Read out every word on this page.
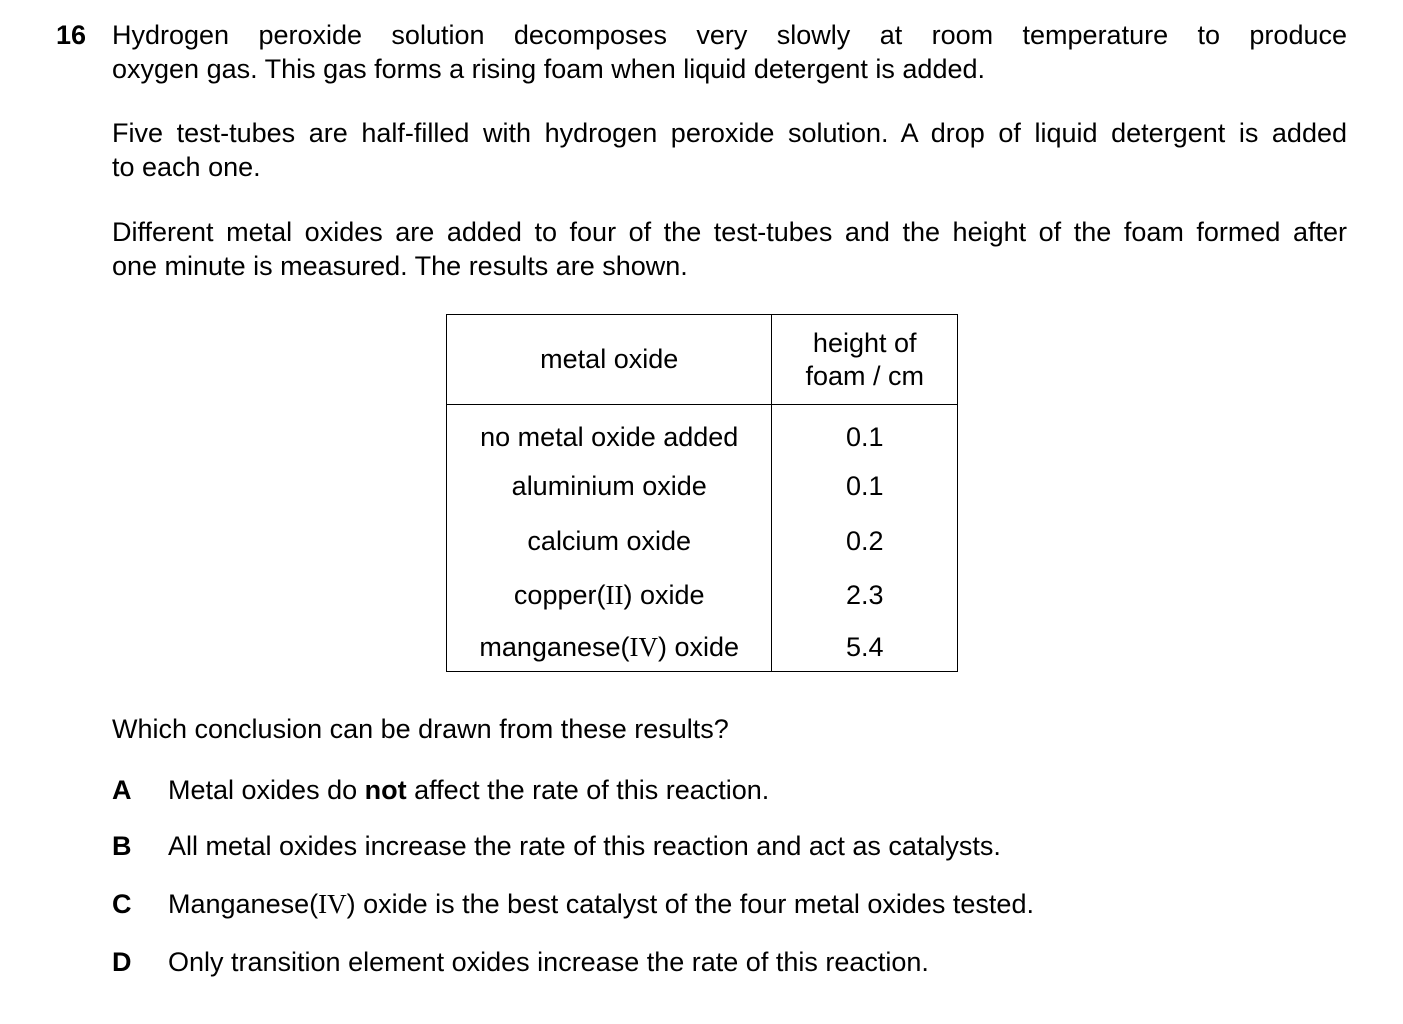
16 Hydrogen peroxide solution decomposes very slowly at room temperature to produce
oxygen gas. This gas forms a rising foam when liquid detergent is added.

Five test-tubes are half-filled with hydrogen peroxide solution. A drop of liquid detergent is added
to each one.

Different metal oxides are added to four of the test-tubes and the height of the foam formed after
one minute is measured. The results are shown.

metal oxide	height of
foam / cm
no metal oxide added	0.1
aluminium oxide	0.1
calcium oxide	0.2
copper(II) oxide	2.3
manganese(IV) oxide	5.4
Which conclusion can be drawn from these results?
A Metal oxides do not affect the rate of this reaction.
B All metal oxides increase the rate of this reaction and act as catalysts.
C Manganese(IV) oxide is the best catalyst of the four metal oxides tested.
D Only transition element oxides increase the rate of this reaction.
